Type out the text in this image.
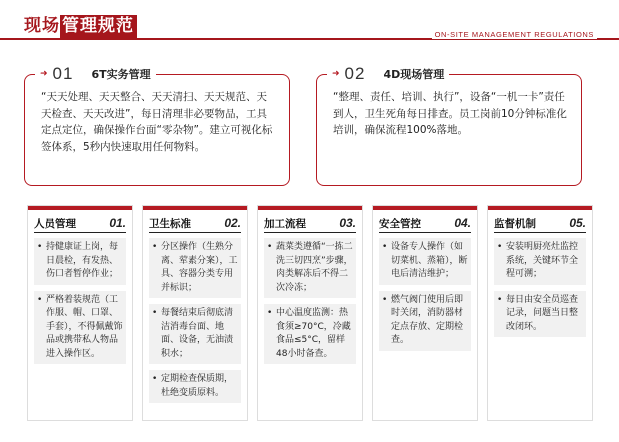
现场 管理规范	ON-SITE MANAGEMENT REGULATIONS
➜ 01 6T实务管理
“天天处理、天天整合、天天清扫、天天规范、天天检查、天天改进”，每日清理非必要物品，工具定点定位，确保操作台面“零杂物”。建立可视化标签体系，5秒内快速取用任何物料。
➜ 02 4D现场管理
“整理、责任、培训、执行”，设备“一机一卡”责任到人，卫生死角每日排查。员工岗前10分钟标准化培训，确保流程100%落地。
人员管理	01.
• 持健康证上岗，每日晨检，有发热、伤口者暂停作业；
• 严格着装规范（工作服、帽、口罩、手套），不得佩戴饰品或携带私人物品进入操作区。
卫生标准	02.
• 分区操作（生熟分离、荤素分案），工具、容器分类专用并标识；
• 每餐结束后彻底清洁消毒台面、地面、设备，无油渍积水；
• 定期检查保质期，杜绝变质原料。
加工流程	03.
• 蔬菜类遵循“一拣二洗三切四烹”步骤，肉类解冻后不得二次冷冻；
• 中心温度监测：热食须≥70°C，冷藏食品≤5°C，留样48小时备查。
安全管控	04.
• 设备专人操作（如切菜机、蒸箱），断电后清洁维护；
• 燃气阀门使用后即时关闭，消防器材定点存放、定期检查。
监督机制	05.
• 安装明厨亮灶监控系统，关键环节全程可溯；
• 每日由安全员巡查记录，问题当日整改闭环。
